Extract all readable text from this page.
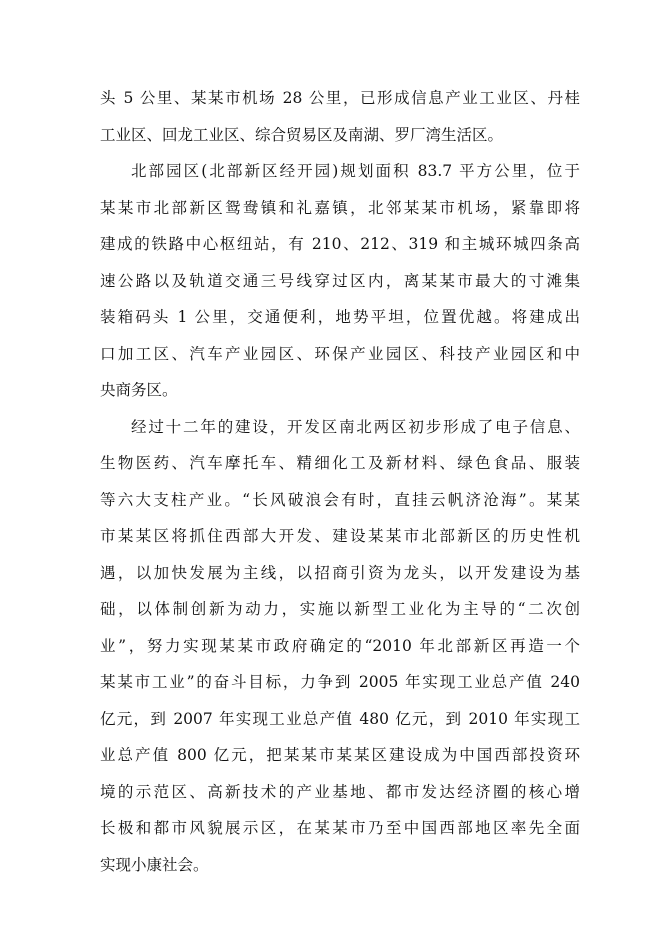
头 5 公里、某某市机场 28 公里，已形成信息产业工业区、丹桂
工业区、回龙工业区、综合贸易区及南湖、罗厂湾生活区。
北部园区(北部新区经开园)规划面积 83.7 平方公里，位于
某某市北部新区鸳鸯镇和礼嘉镇，北邻某某市机场，紧靠即将
建成的铁路中心枢纽站，有 210、212、319 和主城环城四条高
速公路以及轨道交通三号线穿过区内，离某某市最大的寸滩集
装箱码头 1 公里，交通便利，地势平坦，位置优越。将建成出
口加工区、汽车产业园区、环保产业园区、科技产业园区和中
央商务区。
经过十二年的建设，开发区南北两区初步形成了电子信息、
生物医药、汽车摩托车、精细化工及新材料、绿色食品、服装
等六大支柱产业。“长风破浪会有时，直挂云帆济沧海”。某某
市某某区将抓住西部大开发、建设某某市北部新区的历史性机
遇，以加快发展为主线，以招商引资为龙头，以开发建设为基
础，以体制创新为动力，实施以新型工业化为主导的“二次创
业”，努力实现某某市政府确定的“2010 年北部新区再造一个
某某市工业”的奋斗目标，力争到 2005 年实现工业总产值 240
亿元，到 2007 年实现工业总产值 480 亿元，到 2010 年实现工
业总产值 800 亿元，把某某市某某区建设成为中国西部投资环
境的示范区、高新技术的产业基地、都市发达经济圈的核心增
长极和都市风貌展示区，在某某市乃至中国西部地区率先全面
实现小康社会。
